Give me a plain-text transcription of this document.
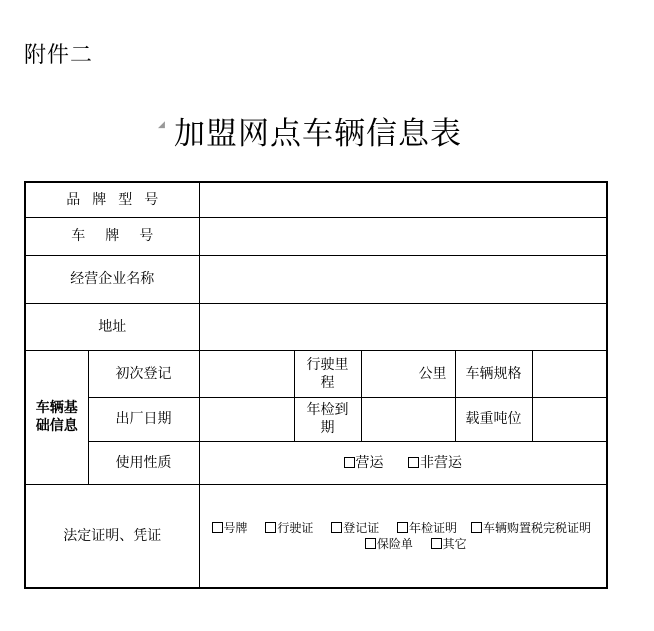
附件二
◢ 加盟网点车辆信息表
品牌型号						
车牌号						
经营企业名称						
地址						

车辆基础信息	初次登记		行驶里程	公里	车辆规格	
	出厂日期		年检到期		载重吨位	
	使用性质	营运 非营运				
法定证明、凭证		号牌 行驶证 登记证 年检证明 车辆购置税完税证明
保险单 其它				
